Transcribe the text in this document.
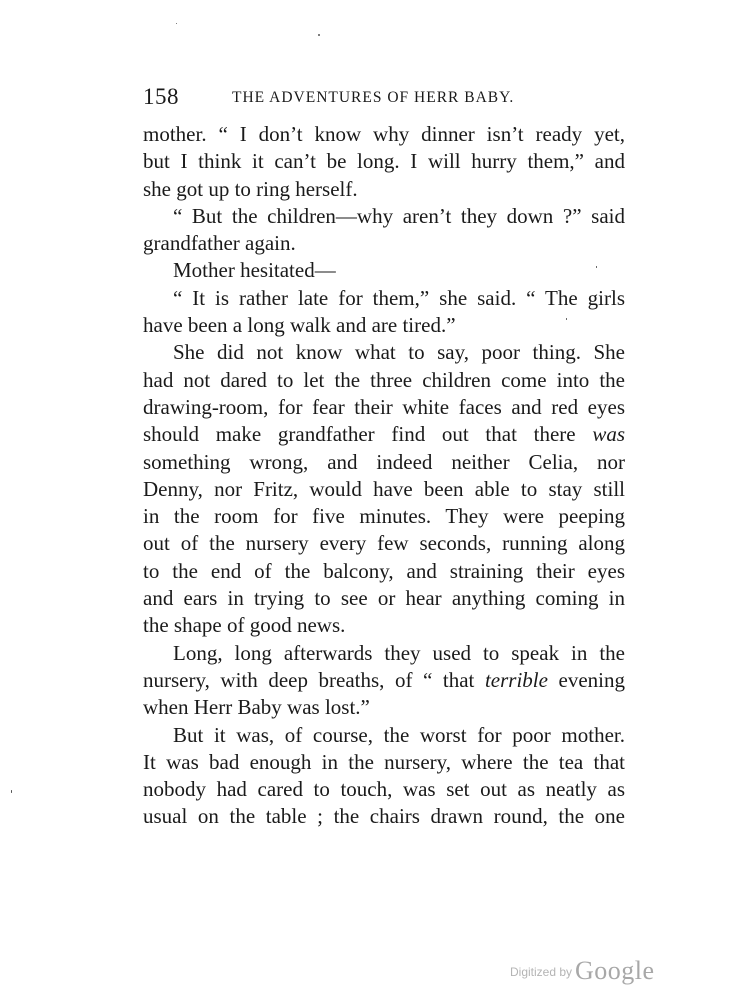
158	THE ADVENTURES OF HERR BABY.
mother. “ I don’t know why dinner isn’t ready yet,
but I think it can’t be long. I will hurry them,” and
she got up to ring herself.
“ But the children—why aren’t they down ?” said
grandfather again.
Mother hesitated—
“ It is rather late for them,” she said. “ The girls
have been a long walk and are tired.”
She did not know what to say, poor thing. She
had not dared to let the three children come into the
drawing-room, for fear their white faces and red eyes
should make grandfather find out that there was
something wrong, and indeed neither Celia, nor
Denny, nor Fritz, would have been able to stay still
in the room for five minutes. They were peeping
out of the nursery every few seconds, running along
to the end of the balcony, and straining their eyes
and ears in trying to see or hear anything coming in
the shape of good news.
Long, long afterwards they used to speak in the
nursery, with deep breaths, of “ that terrible evening
when Herr Baby was lost.”
But it was, of course, the worst for poor mother.
It was bad enough in the nursery, where the tea that
nobody had cared to touch, was set out as neatly as
usual on the table ; the chairs drawn round, the one
Digitized by Google
